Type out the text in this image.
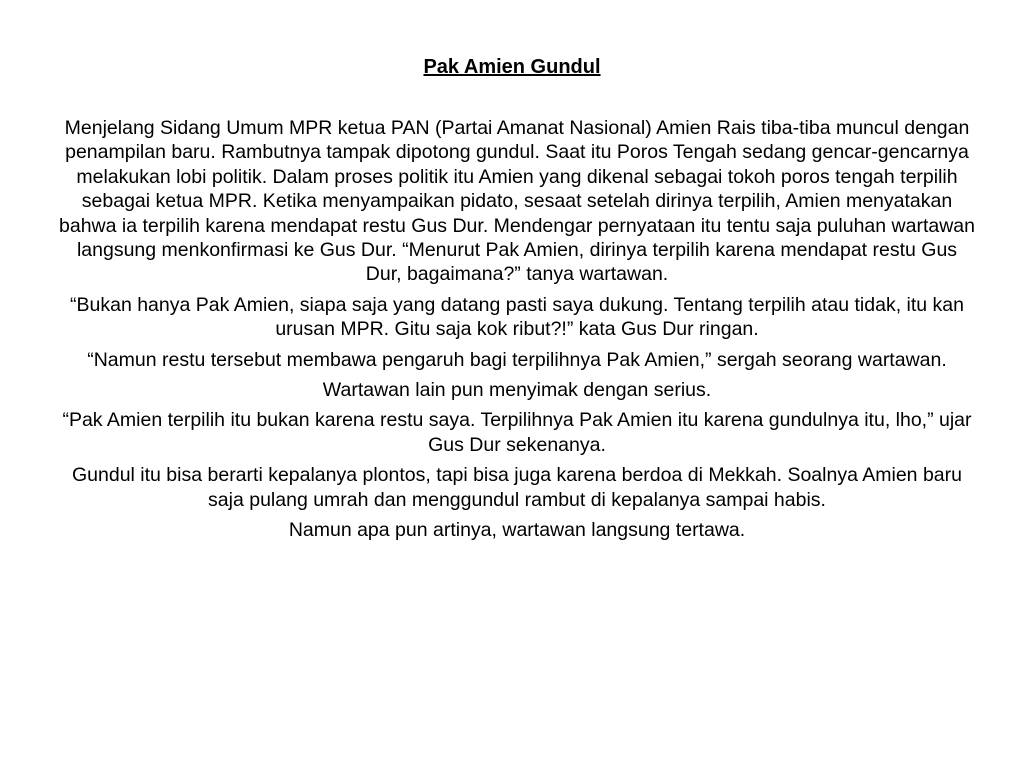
Pak Amien Gundul

Menjelang Sidang Umum MPR ketua PAN (Partai Amanat Nasional) Amien Rais tiba-tiba muncul dengan penampilan baru. Rambutnya tampak dipotong gundul. Saat itu Poros Tengah sedang gencar-gencarnya melakukan lobi politik. Dalam proses politik itu Amien yang dikenal sebagai tokoh poros tengah terpilih sebagai ketua MPR. Ketika menyampaikan pidato, sesaat setelah dirinya terpilih, Amien menyatakan bahwa ia terpilih karena mendapat restu Gus Dur. Mendengar pernyataan itu tentu saja puluhan wartawan langsung menkonfirmasi ke Gus Dur. “Menurut Pak Amien, dirinya terpilih karena mendapat restu Gus Dur, bagaimana?” tanya wartawan.

“Bukan hanya Pak Amien, siapa saja yang datang pasti saya dukung. Tentang terpilih atau tidak, itu kan urusan MPR. Gitu saja kok ribut?!” kata Gus Dur ringan.

“Namun restu tersebut membawa pengaruh bagi terpilihnya Pak Amien,” sergah seorang wartawan.

Wartawan lain pun menyimak dengan serius.

“Pak Amien terpilih itu bukan karena restu saya. Terpilihnya Pak Amien itu karena gundulnya itu, lho,” ujar Gus Dur sekenanya.

Gundul itu bisa berarti kepalanya plontos, tapi bisa juga karena berdoa di Mekkah. Soalnya Amien baru saja pulang umrah dan menggundul rambut di kepalanya sampai habis.

Namun apa pun artinya, wartawan langsung tertawa.
